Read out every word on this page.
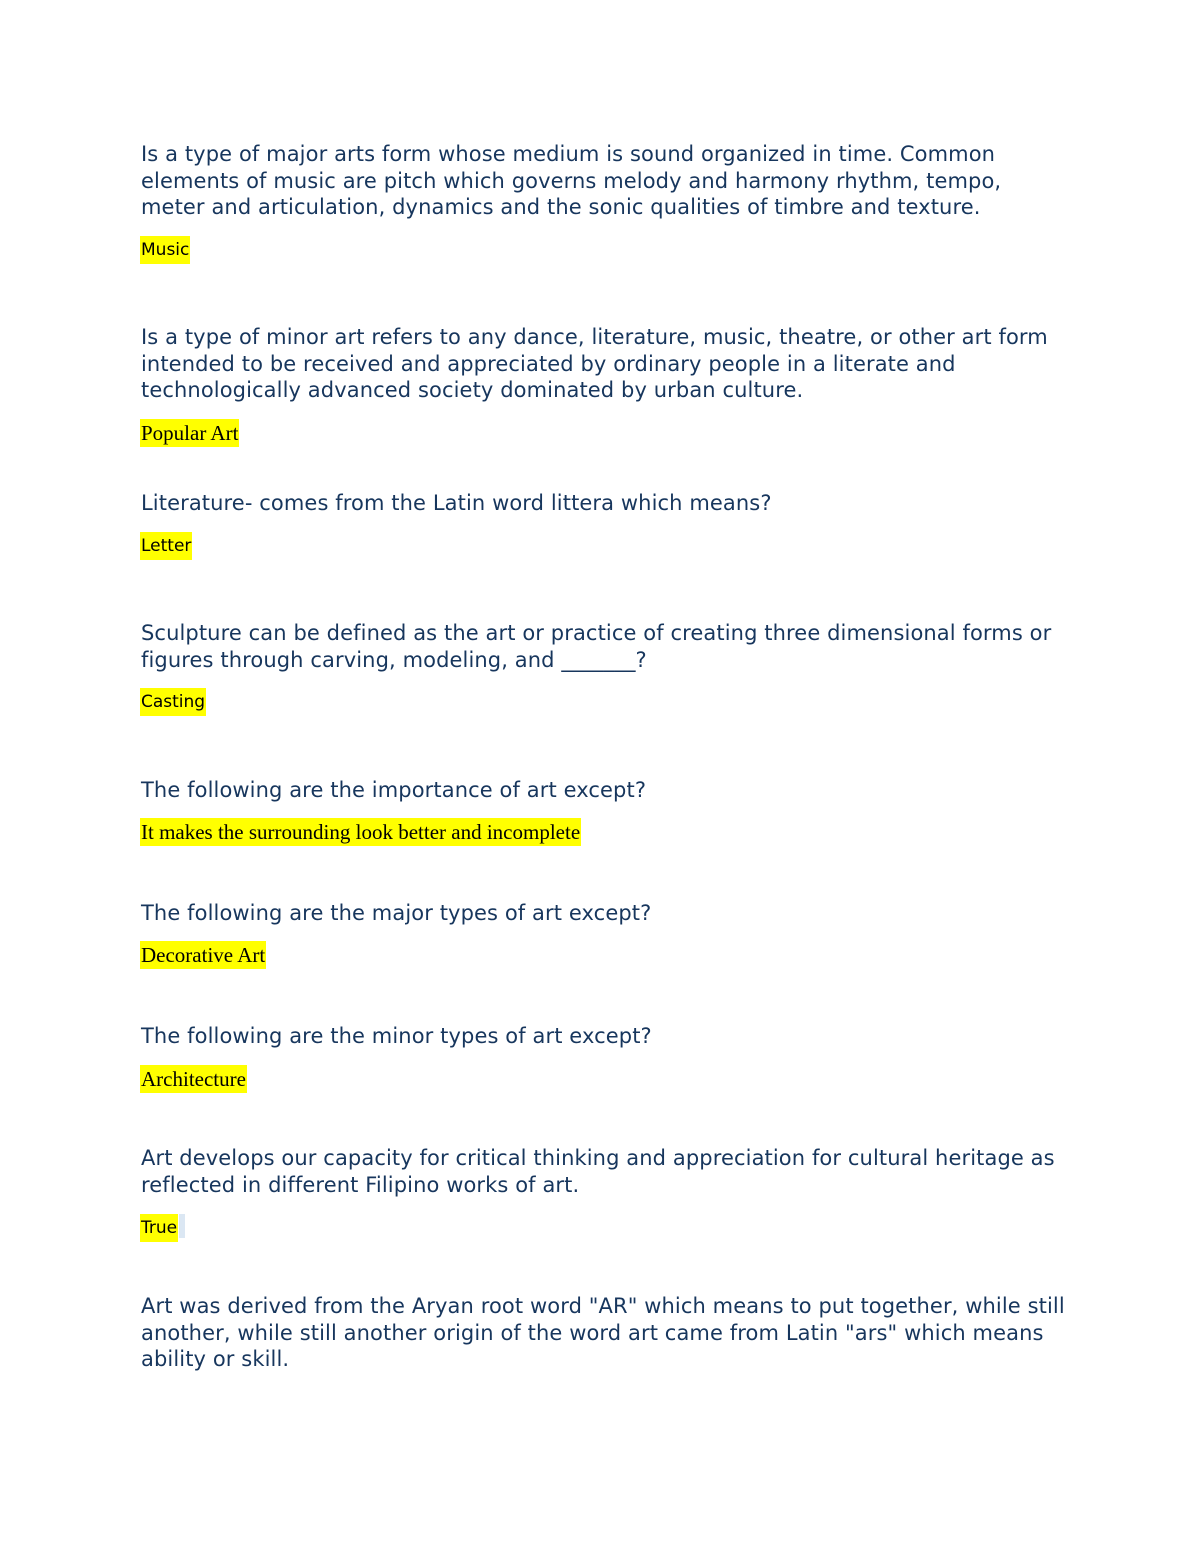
Is a type of major arts form whose medium is sound organized in time. Common elements of music are pitch which governs melody and harmony rhythm, tempo, meter and articulation, dynamics and the sonic qualities of timbre and texture.

Music

Is a type of minor art refers to any dance, literature, music, theatre, or other art form intended to be received and appreciated by ordinary people in a literate and technologically advanced society dominated by urban culture.

Popular Art

Literature- comes from the Latin word littera which means?

Letter

Sculpture can be defined as the art or practice of creating three dimensional forms or figures through carving, modeling, and _______?

Casting

The following are the importance of art except?

It makes the surrounding look better and incomplete

The following are the major types of art except?

Decorative Art

The following are the minor types of art except?

Architecture

Art develops our capacity for critical thinking and appreciation for cultural heritage as reflected in different Filipino works of art.

True

Art was derived from the Aryan root word "AR" which means to put together, while still another, while still another origin of the word art came from Latin "ars" which means ability or skill.
